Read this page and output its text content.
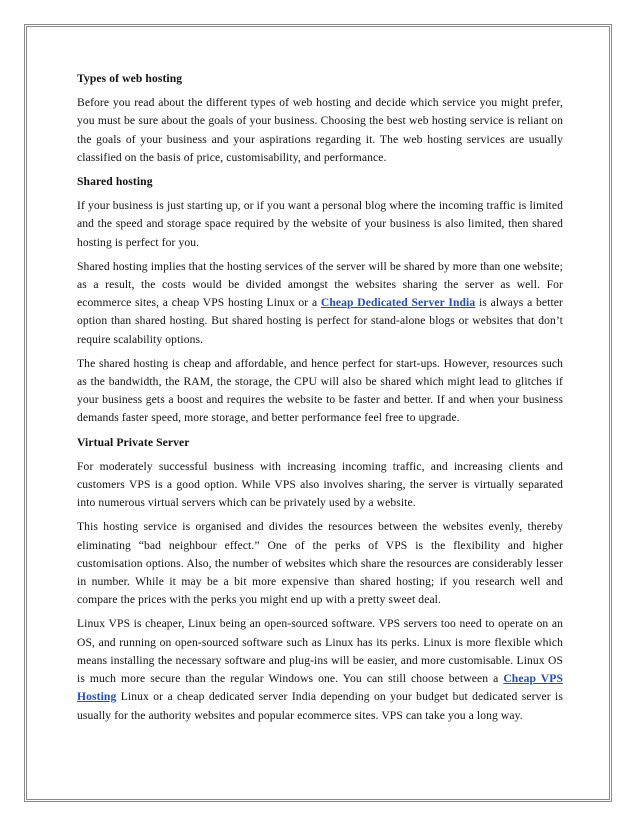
Types of web hosting

Before you read about the different types of web hosting and decide which service you might prefer, you must be sure about the goals of your business. Choosing the best web hosting service is reliant on the goals of your business and your aspirations regarding it. The web hosting services are usually classified on the basis of price, customisability, and performance.

Shared hosting

If your business is just starting up, or if you want a personal blog where the incoming traffic is limited and the speed and storage space required by the website of your business is also limited, then shared hosting is perfect for you.

Shared hosting implies that the hosting services of the server will be shared by more than one website; as a result, the costs would be divided amongst the websites sharing the server as well. For ecommerce sites, a cheap VPS hosting Linux or a Cheap Dedicated Server India is always a better option than shared hosting. But shared hosting is perfect for stand-alone blogs or websites that don’t require scalability options.

The shared hosting is cheap and affordable, and hence perfect for start-ups. However, resources such as the bandwidth, the RAM, the storage, the CPU will also be shared which might lead to glitches if your business gets a boost and requires the website to be faster and better. If and when your business demands faster speed, more storage, and better performance feel free to upgrade.

Virtual Private Server

For moderately successful business with increasing incoming traffic, and increasing clients and customers VPS is a good option. While VPS also involves sharing, the server is virtually separated into numerous virtual servers which can be privately used by a website.

This hosting service is organised and divides the resources between the websites evenly, thereby eliminating “bad neighbour effect.” One of the perks of VPS is the flexibility and higher customisation options. Also, the number of websites which share the resources are considerably lesser in number. While it may be a bit more expensive than shared hosting; if you research well and compare the prices with the perks you might end up with a pretty sweet deal.

Linux VPS is cheaper, Linux being an open-sourced software. VPS servers too need to operate on an OS, and running on open-sourced software such as Linux has its perks. Linux is more flexible which means installing the necessary software and plug-ins will be easier, and more customisable. Linux OS is much more secure than the regular Windows one. You can still choose between a Cheap VPS Hosting Linux or a cheap dedicated server India depending on your budget but dedicated server is usually for the authority websites and popular ecommerce sites. VPS can take you a long way.
